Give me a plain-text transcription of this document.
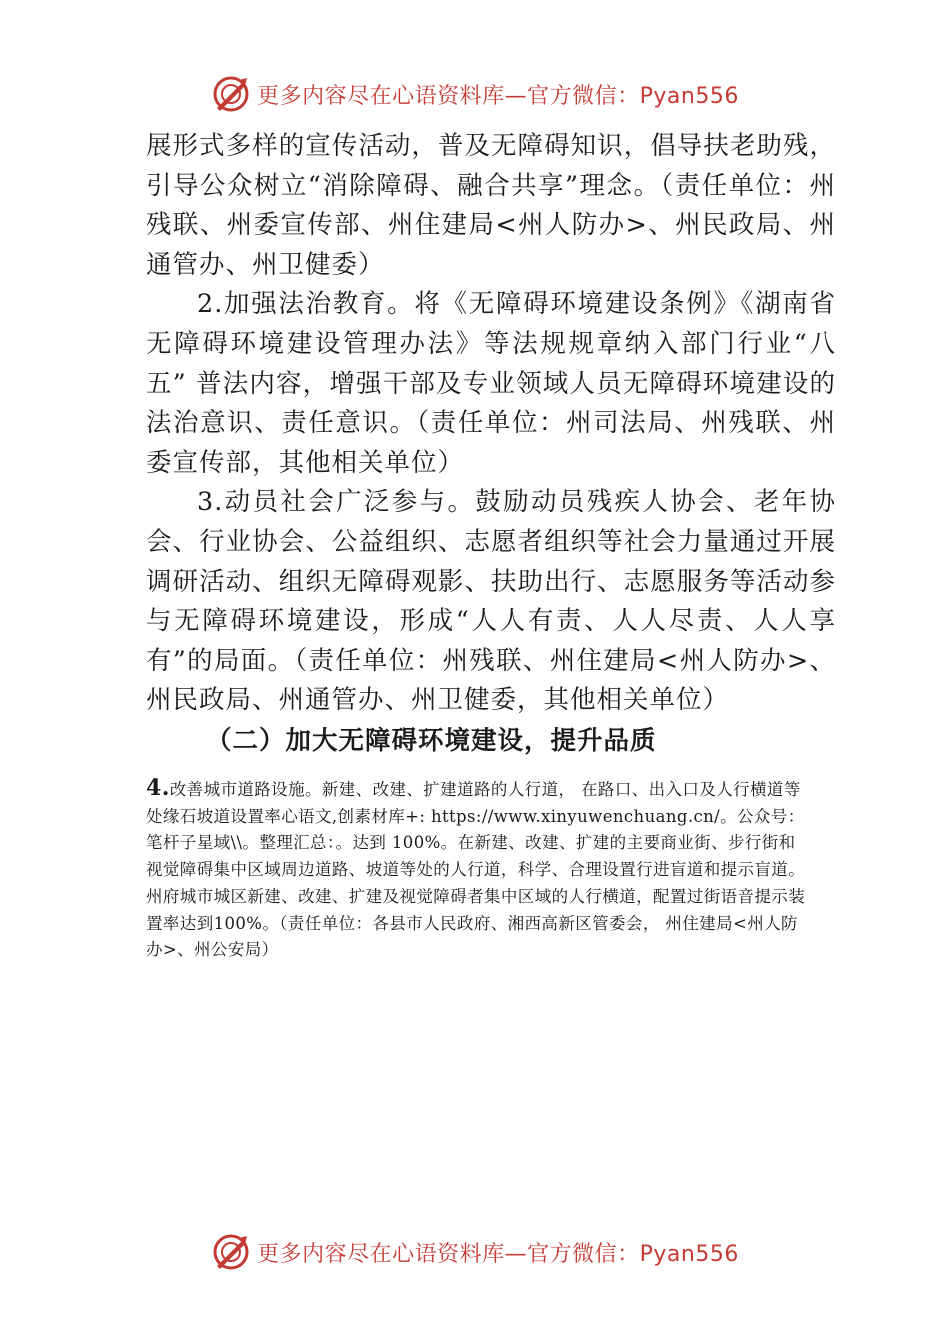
更多内容尽在心语资料库—官方微信：Pyan556

展形式多样的宣传活动，普及无障碍知识，倡导扶老助残， 引导公众树立“消除障碍、融合共享”理念。（责任单位：州残联、州委宣传部、州住建局<州人防办>、州民政局、州通管办、州卫健委）

2.加强法治教育。将《无障碍环境建设条例》《湖南省无障碍环境建设管理办法》等法规规章纳入部门行业“八五” 普法内容，增强干部及专业领域人员无障碍环境建设的法治意识、责任意识。（责任单位：州司法局、州残联、州委宣传部，其他相关单位）

3.动员社会广泛参与。鼓励动员残疾人协会、老年协会、行业协会、公益组织、志愿者组织等社会力量通过开展调研活动、组织无障碍观影、扶助出行、志愿服务等活动参与无障碍环境建设，形成“人人有责、人人尽责、人人享有”的局面。（责任单位：州残联、州住建局<州人防办>、州民政局、州通管办、州卫健委，其他相关单位）

（二）加大无障碍环境建设，提升品质

4.改善城市道路设施。新建、改建、扩建道路的人行道， 在路口、出入口及人行横道等处缘石坡道设置率心语文,创素材库+: https://www.xinyuwenchuang.cn/。公众号：笔杆子星域\\。整理汇总：。达到 100%。在新建、改建、扩建的主要商业街、步行街和视觉障碍集中区域周边道路、坡道等处的人行道，科学、合理设置行进盲道和提示盲道。州府城市城区新建、改建、扩建及视觉障碍者集中区域的人行横道，配置过街语音提示装置率达到100%。（责任单位：各县市人民政府、湘西高新区管委会， 州住建局<州人防办>、州公安局）

更多内容尽在心语资料库—官方微信：Pyan556
